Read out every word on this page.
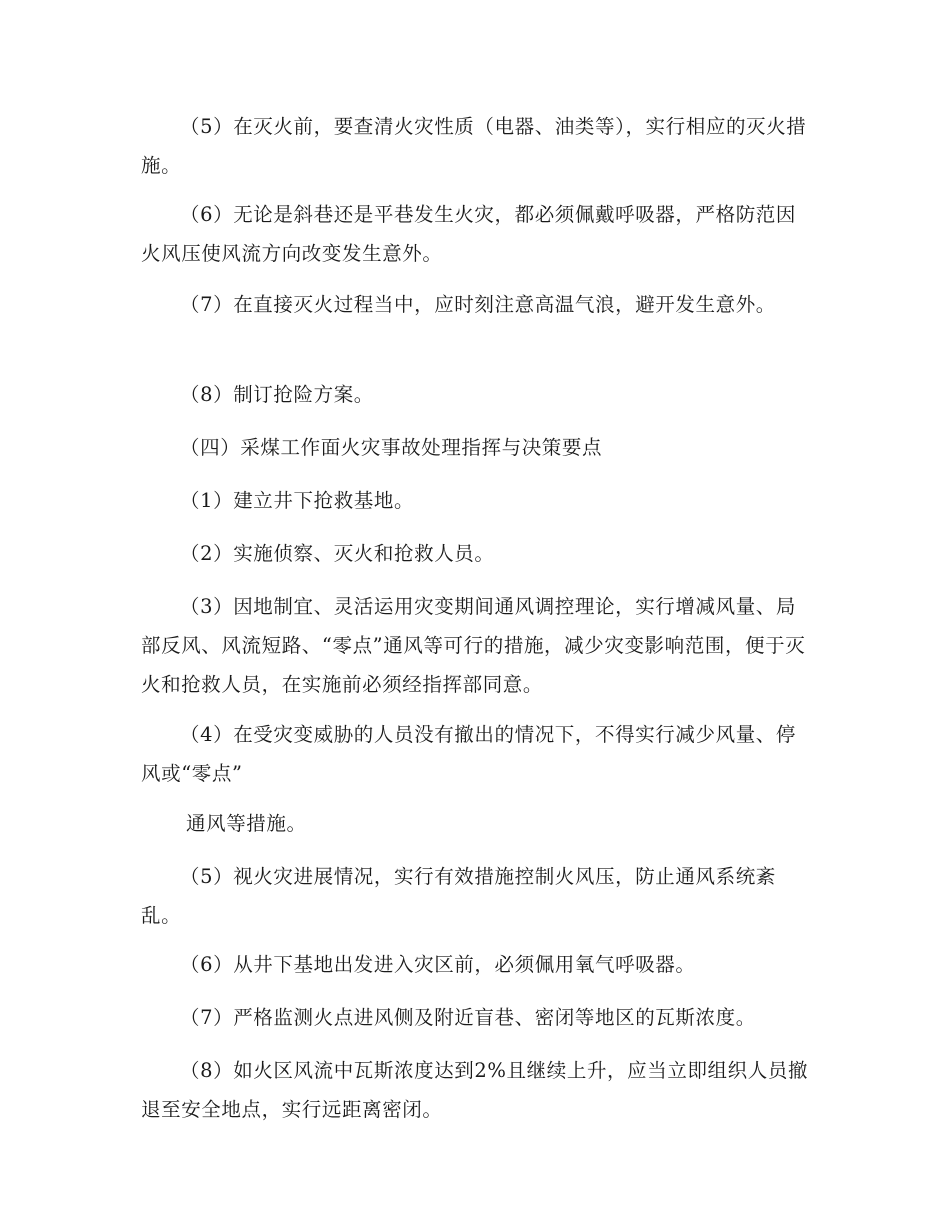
（5）在灭火前，要查清火灾性质（电器、油类等），实行相应的灭火措施。

（6）无论是斜巷还是平巷发生火灾，都必须佩戴呼吸器，严格防范因火风压使风流方向改变发生意外。

（7）在直接灭火过程当中，应时刻注意高温气浪，避开发生意外。

（8）制订抢险方案。

（四）采煤工作面火灾事故处理指挥与决策要点

（1）建立井下抢救基地。

（2）实施侦察、灭火和抢救人员。

（3）因地制宜、灵活运用灾变期间通风调控理论，实行增减风量、局部反风、风流短路、“零点”通风等可行的措施，减少灾变影响范围，便于灭火和抢救人员，在实施前必须经指挥部同意。

（4）在受灾变威胁的人员没有撤出的情况下，不得实行减少风量、停风或“零点”

通风等措施。

（5）视火灾进展情况，实行有效措施控制火风压，防止通风系统紊乱。

（6）从井下基地出发进入灾区前，必须佩用氧气呼吸器。

（7）严格监测火点进风侧及附近盲巷、密闭等地区的瓦斯浓度。

（8）如火区风流中瓦斯浓度达到2%且继续上升，应当立即组织人员撤退至安全地点，实行远距离密闭。
